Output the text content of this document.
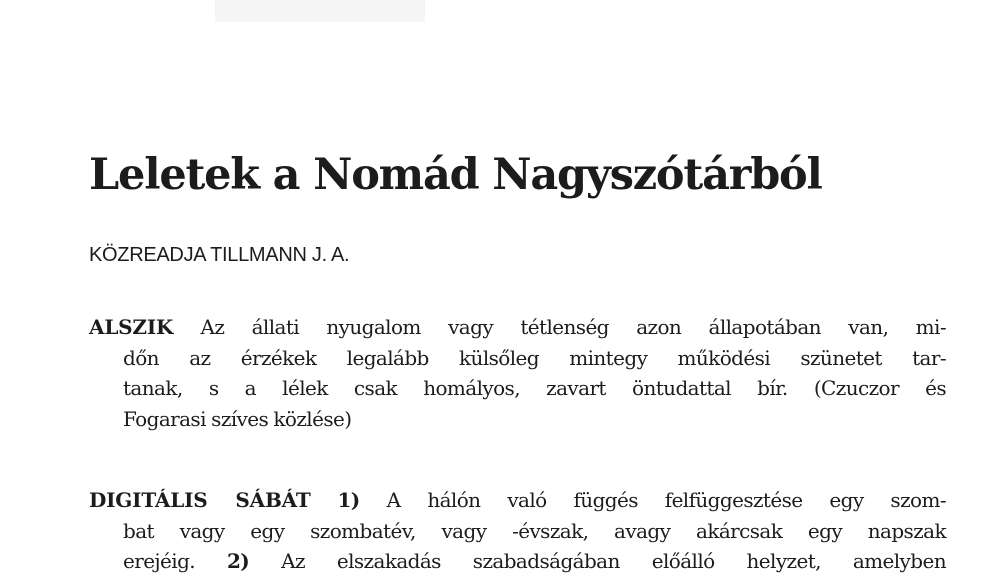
Leletek a Nomád Nagyszótárból
KÖZREADJA TILLMANN J. A.
ALSZIK Az állati nyugalom vagy tétlenség azon állapotában van, mi-
dőn az érzékek legalább külsőleg mintegy működési szünetet tar-
tanak, s a lélek csak homályos, zavart öntudattal bír. (Czuczor és
Fogarasi szíves közlése)
DIGITÁLIS SÁBÁT 1) A hálón való függés felfüggesztése egy szom-
bat vagy egy szombatév, vagy -évszak, avagy akárcsak egy napszak
erejéig. 2) Az elszakadás szabadságában előálló helyzet, amelyben
